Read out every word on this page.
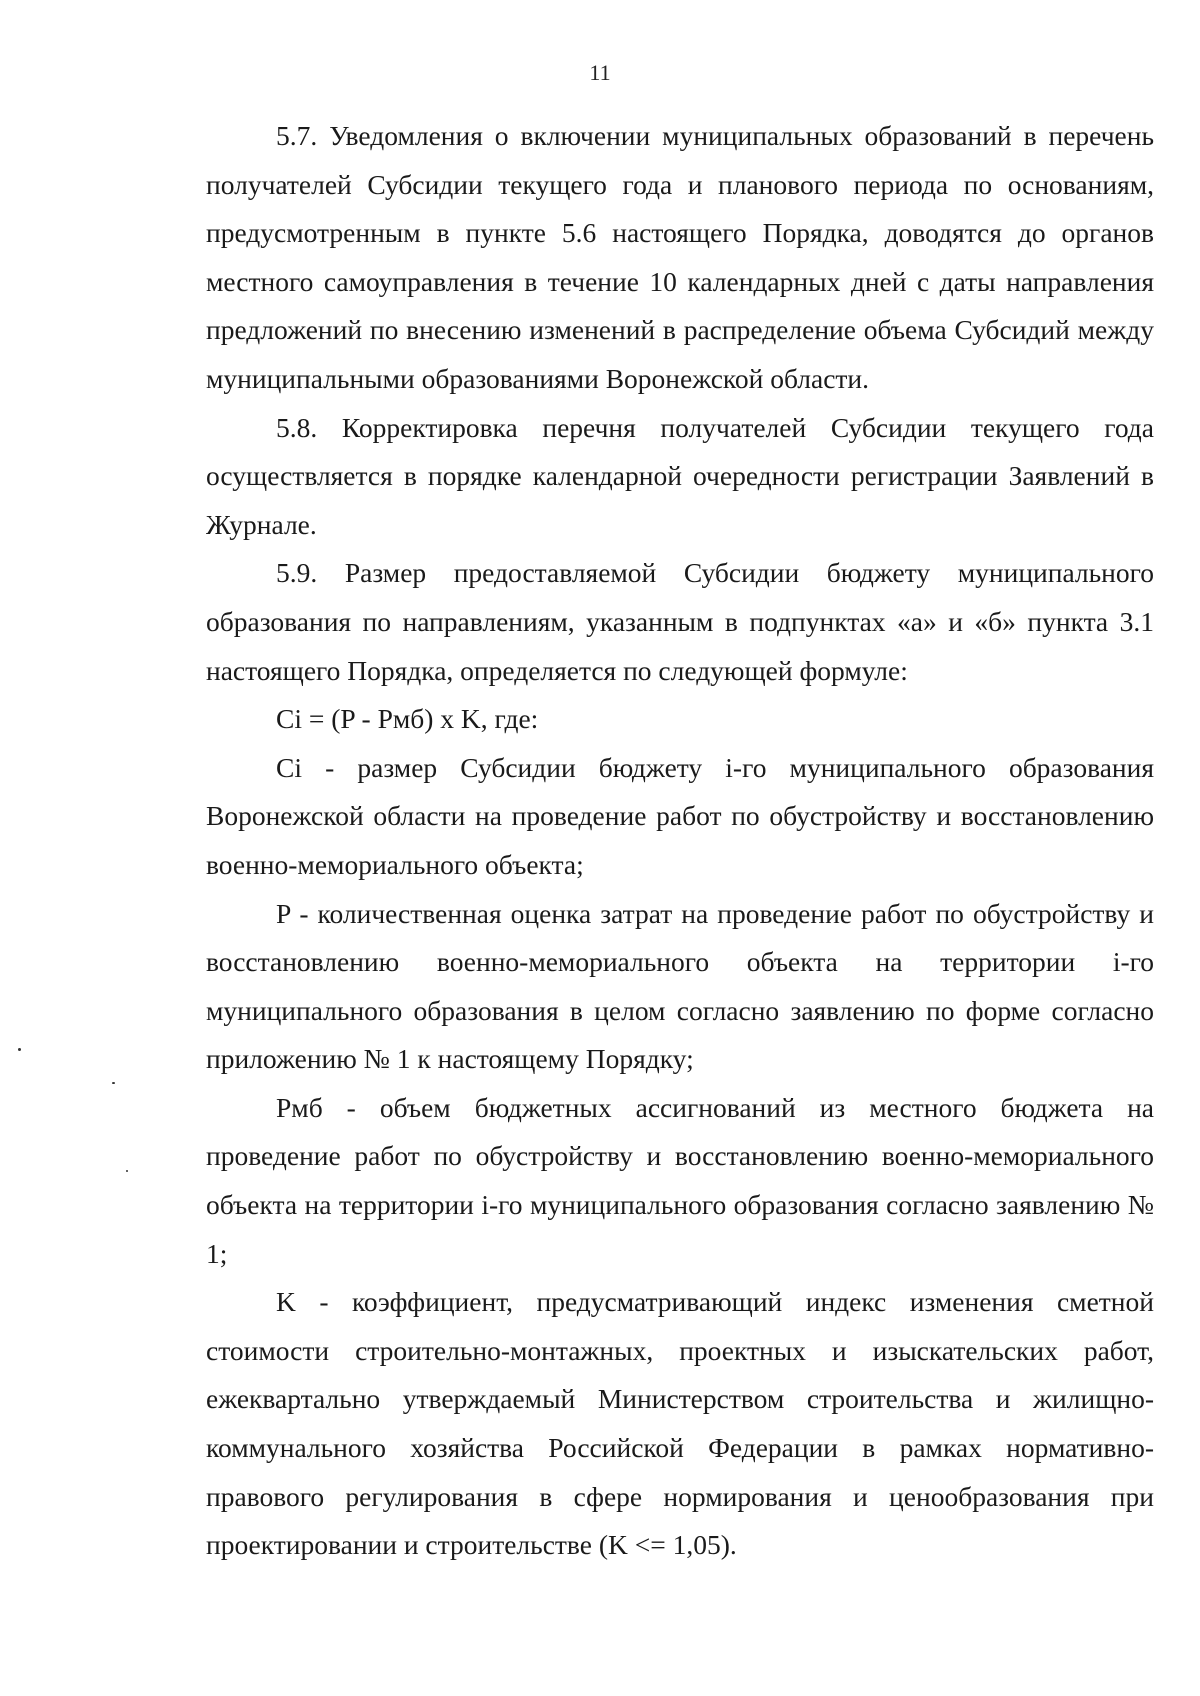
11

5.7. Уведомления о включении муниципальных образований в перечень получателей Субсидии текущего года и планового периода по основаниям, предусмотренным в пункте 5.6 настоящего Порядка, доводятся до органов местного самоуправления в течение 10 календарных дней с даты направления предложений по внесению изменений в распределение объема Субсидий между муниципальными образованиями Воронежской области.

5.8. Корректировка перечня получателей Субсидии текущего года осуществляется в порядке календарной очередности регистрации Заявлений в Журнале.

5.9. Размер предоставляемой Субсидии бюджету муниципального образования по направлениям, указанным в подпунктах «а» и «б» пункта 3.1 настоящего Порядка, определяется по следующей формуле:

Ci = (P - Рмб) x K, где:

Ci - размер Субсидии бюджету i-го муниципального образования Воронежской области на проведение работ по обустройству и восстановлению военно-мемориального объекта;

P - количественная оценка затрат на проведение работ по обустройству и восстановлению военно-мемориального объекта на территории i-го муниципального образования в целом согласно заявлению по форме согласно приложению № 1 к настоящему Порядку;

Рмб - объем бюджетных ассигнований из местного бюджета на проведение работ по обустройству и восстановлению военно-мемориального объекта на территории i-го муниципального образования согласно заявлению № 1;

K - коэффициент, предусматривающий индекс изменения сметной стоимости строительно-монтажных, проектных и изыскательских работ, ежеквартально утверждаемый Министерством строительства и жилищно-коммунального хозяйства Российской Федерации в рамках нормативно-правового регулирования в сфере нормирования и ценообразования при проектировании и строительстве (K <= 1,05).
